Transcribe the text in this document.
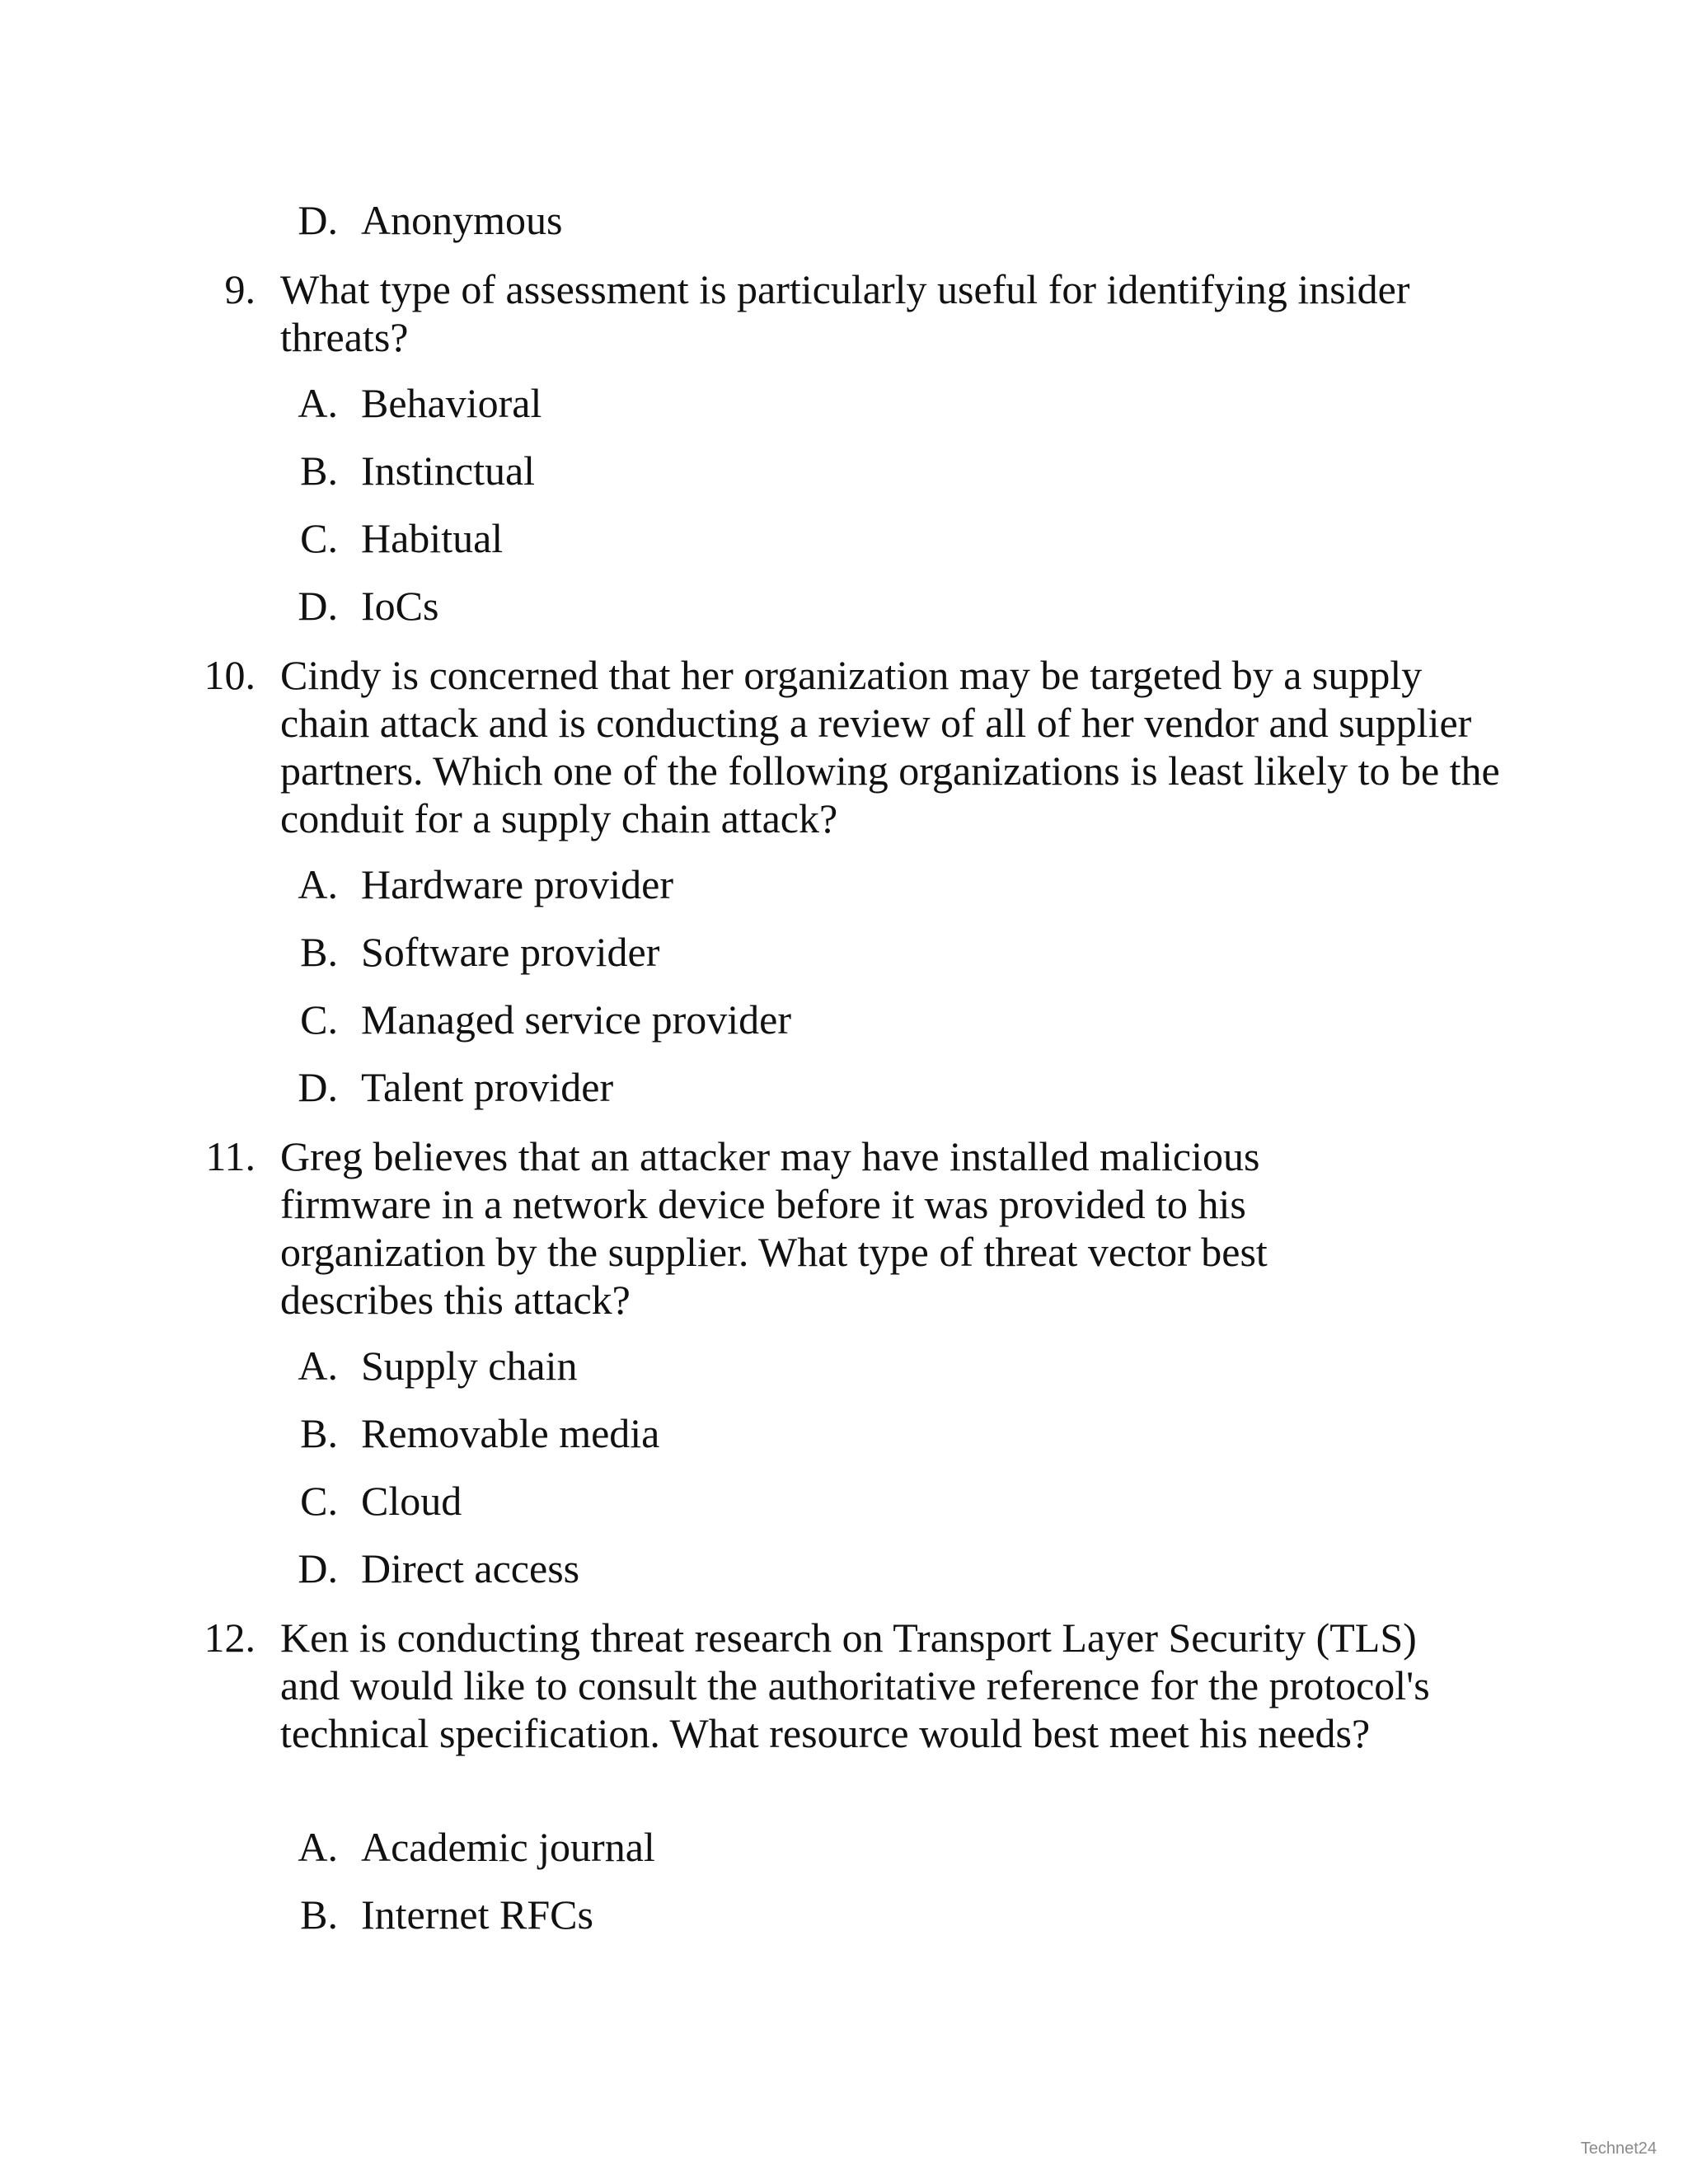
D. Anonymous
9. What type of assessment is particularly useful for identifying insider threats?
A. Behavioral
B. Instinctual
C. Habitual
D. IoCs
10. Cindy is concerned that her organization may be targeted by a supply chain attack and is conducting a review of all of her vendor and supplier partners. Which one of the following organizations is least likely to be the conduit for a supply chain attack?
A. Hardware provider
B. Software provider
C. Managed service provider
D. Talent provider
11. Greg believes that an attacker may have installed malicious firmware in a network device before it was provided to his organization by the supplier. What type of threat vector best describes this attack?
A. Supply chain
B. Removable media
C. Cloud
D. Direct access
12. Ken is conducting threat research on Transport Layer Security (TLS) and would like to consult the authoritative reference for the protocol's technical specification. What resource would best meet his needs?
A. Academic journal
B. Internet RFCs
Technet24
